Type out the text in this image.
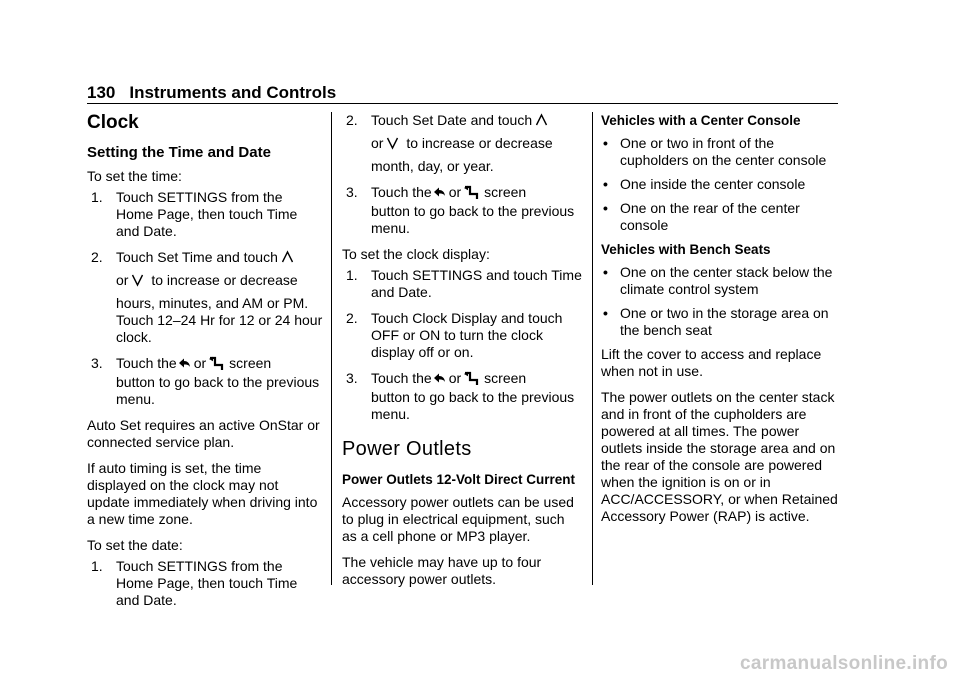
130 Instruments and Controls
Clock
Setting the Time and Date

To set the time:

1. Touch SETTINGS from the Home Page, then touch Time and Date.
2. Touch Set Time and touch
or to increase or decrease
hours, minutes, and AM or PM. Touch 12–24 Hr for 12 or 24 hour clock.
3. Touch the or screen
button to go back to the previous menu.

Auto Set requires an active OnStar or connected service plan.

If auto timing is set, the time displayed on the clock may not update immediately when driving into a new time zone.

To set the date:

1. Touch SETTINGS from the Home Page, then touch Time and Date.
2. Touch Set Date and touch
or to increase or decrease
month, day, or year.
3. Touch the or screen
button to go back to the previous menu.

To set the clock display:

1. Touch SETTINGS and touch Time and Date.
2. Touch Clock Display and touch OFF or ON to turn the clock display off or on.
3. Touch the or screen
button to go back to the previous menu.
Power Outlets
Power Outlets 12-Volt Direct Current

Accessory power outlets can be used to plug in electrical equipment, such as a cell phone or MP3 player.

The vehicle may have up to four accessory power outlets.

Vehicles with a Center Console
• One or two in front of the cupholders on the center console
• One inside the center console
• One on the rear of the center console
Vehicles with Bench Seats
• One on the center stack below the climate control system
• One or two in the storage area on the bench seat

Lift the cover to access and replace when not in use.

The power outlets on the center stack and in front of the cupholders are powered at all times. The power outlets inside the storage area and on the rear of the console are powered when the ignition is on or in ACC/ACCESSORY, or when Retained Accessory Power (RAP) is active.

carmanualsonline.info
